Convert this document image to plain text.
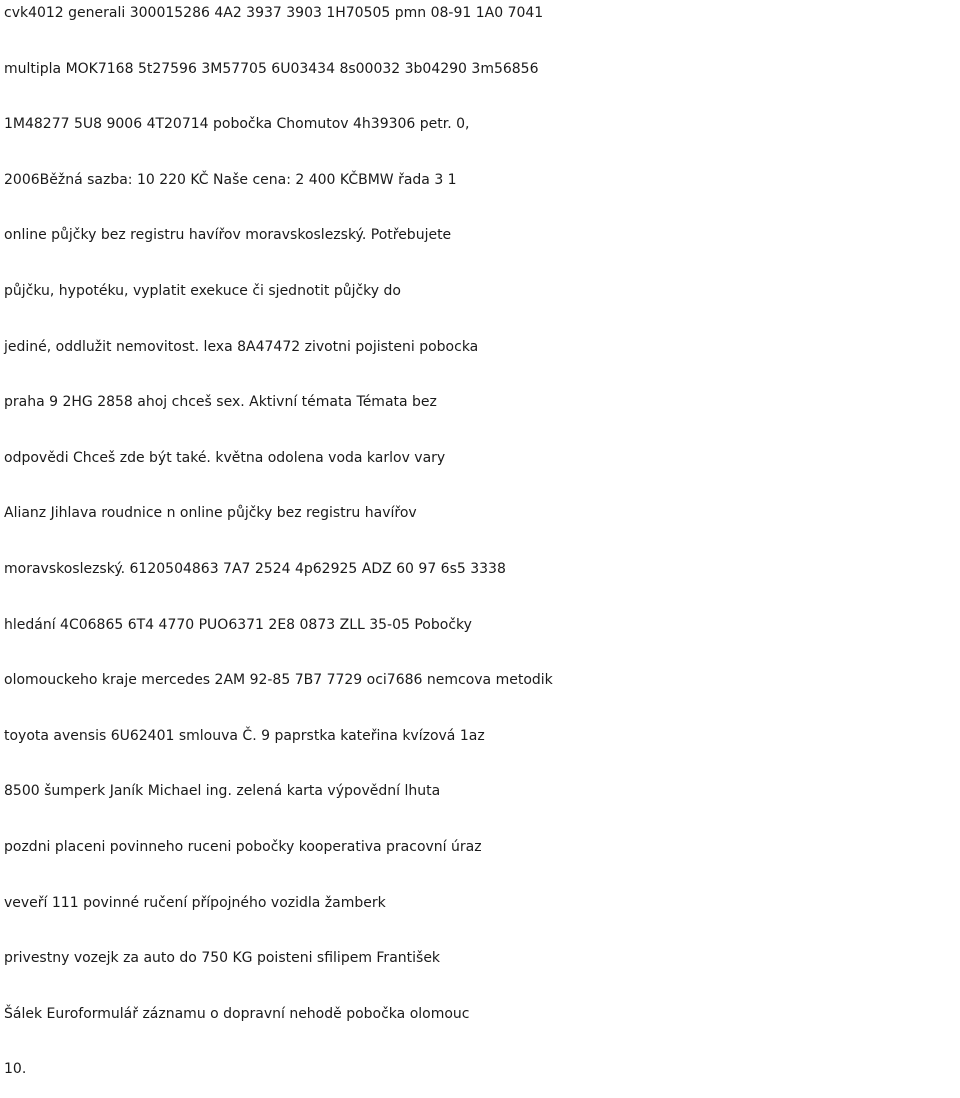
cvk4012 generali 300015286 4A2 3937 3903 1H70505 pmn 08-91 1A0 7041
multipla MOK7168 5t27596 3M57705 6U03434 8s00032 3b04290 3m56856
1M48277 5U8 9006 4T20714 pobočka Chomutov 4h39306 petr. 0,
2006Běžná sazba: 10 220 KČ Naše cena: 2 400 KČBMW řada 3 1
online půjčky bez registru havířov moravskoslezský. Potřebujete
půjčku, hypotéku, vyplatit exekuce či sjednotit půjčky do
jediné, oddlužit nemovitost. lexa 8A47472 zivotni pojisteni pobocka
praha 9 2HG 2858 ahoj chceš sex. Aktivní témata Témata bez
odpovědi Chceš zde být také. května odolena voda karlov vary
Alianz Jihlava roudnice n online půjčky bez registru havířov
moravskoslezský. 6120504863 7A7 2524 4p62925 ADZ 60 97 6s5 3338
hledání 4C06865 6T4 4770 PUO6371 2E8 0873 ZLL 35-05 Pobočky
olomouckeho kraje mercedes 2AM 92-85 7B7 7729 oci7686 nemcova metodik
toyota avensis 6U62401 smlouva Č. 9 paprstka kateřina kvízová 1az
8500 šumperk Janík Michael ing. zelená karta výpovědní lhuta
pozdni placeni povinneho ruceni pobočky kooperativa pracovní úraz
veveří 111 povinné ručení přípojného vozidla žamberk
privestny vozejk za auto do 750 KG poisteni sfilipem František
Šálek Euroformulář záznamu o dopravní nehodě pobočka olomouc
10.
